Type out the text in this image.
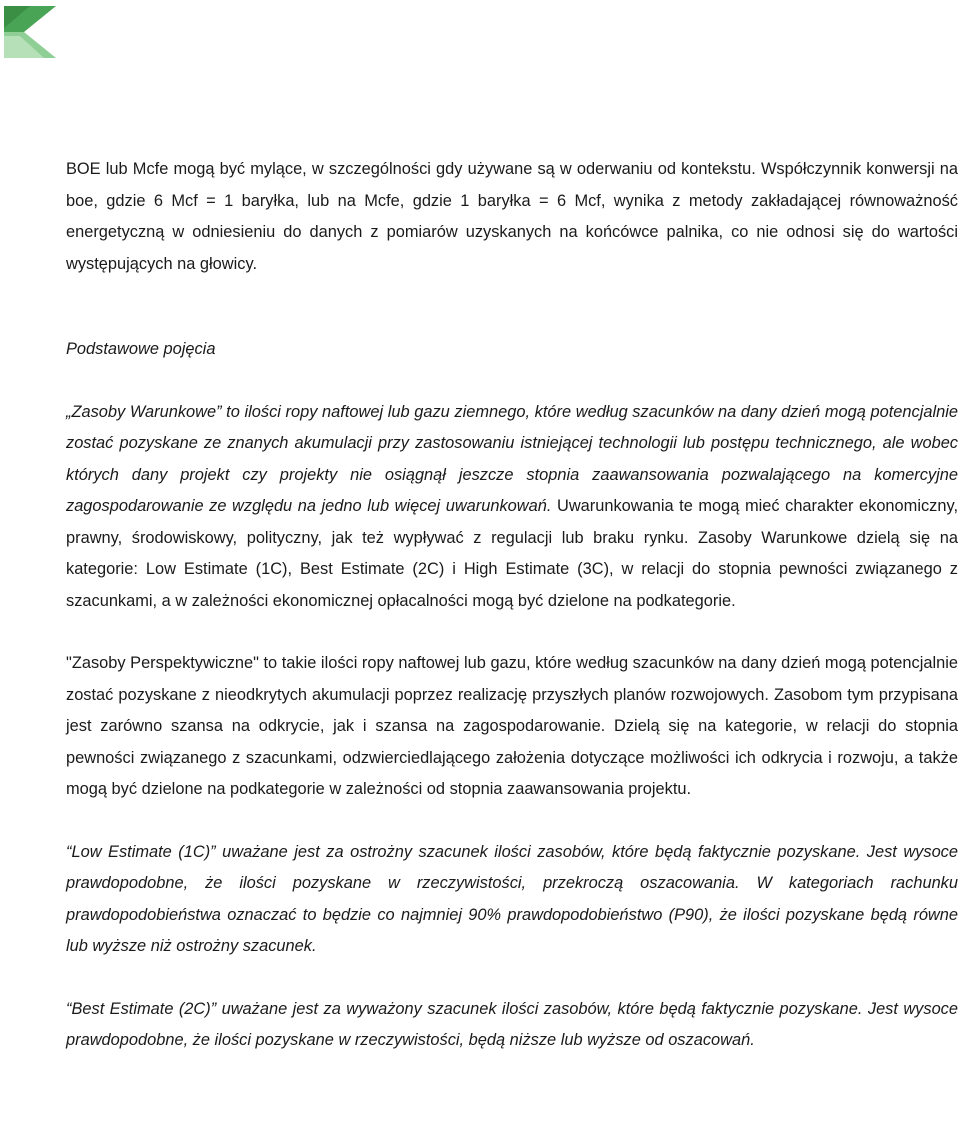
BOE lub Mcfe mogą być mylące, w szczególności gdy używane są w oderwaniu od kontekstu. Współczynnik konwersji na boe, gdzie 6 Mcf = 1 baryłka, lub na Mcfe, gdzie 1 baryłka = 6 Mcf, wynika z metody zakładającej równoważność energetyczną w odniesieniu do danych z pomiarów uzyskanych na końcówce palnika, co nie odnosi się do wartości występujących na głowicy.

Podstawowe pojęcia

„Zasoby Warunkowe” to ilości ropy naftowej lub gazu ziemnego, które według szacunków na dany dzień mogą potencjalnie zostać pozyskane ze znanych akumulacji przy zastosowaniu istniejącej technologii lub postępu technicznego, ale wobec których dany projekt czy projekty nie osiągnął jeszcze stopnia zaawansowania pozwalającego na komercyjne zagospodarowanie ze względu na jedno lub więcej uwarunkowań. Uwarunkowania te mogą mieć charakter ekonomiczny, prawny, środowiskowy, polityczny, jak też wypływać z regulacji lub braku rynku. Zasoby Warunkowe dzielą się na kategorie: Low Estimate (1C), Best Estimate (2C) i High Estimate (3C), w relacji do stopnia pewności związanego z szacunkami, a w zależności ekonomicznej opłacalności mogą być dzielone na podkategorie.

"Zasoby Perspektywiczne" to takie ilości ropy naftowej lub gazu, które według szacunków na dany dzień mogą potencjalnie zostać pozyskane z nieodkrytych akumulacji poprzez realizację przyszłych planów rozwojowych. Zasobom tym przypisana jest zarówno szansa na odkrycie, jak i szansa na zagospodarowanie. Dzielą się na kategorie, w relacji do stopnia pewności związanego z szacunkami, odzwierciedlającego założenia dotyczące możliwości ich odkrycia i rozwoju, a także mogą być dzielone na podkategorie w zależności od stopnia zaawansowania projektu.

“Low Estimate (1C)” uważane jest za ostrożny szacunek ilości zasobów, które będą faktycznie pozyskane. Jest wysoce prawdopodobne, że ilości pozyskane w rzeczywistości, przekroczą oszacowania. W kategoriach rachunku prawdopodobieństwa oznaczać to będzie co najmniej 90% prawdopodobieństwo (P90), że ilości pozyskane będą równe lub wyższe niż ostrożny szacunek.

“Best Estimate (2C)” uważane jest za wyważony szacunek ilości zasobów, które będą faktycznie pozyskane. Jest wysoce prawdopodobne, że ilości pozyskane w rzeczywistości, będą niższe lub wyższe od oszacowań.
